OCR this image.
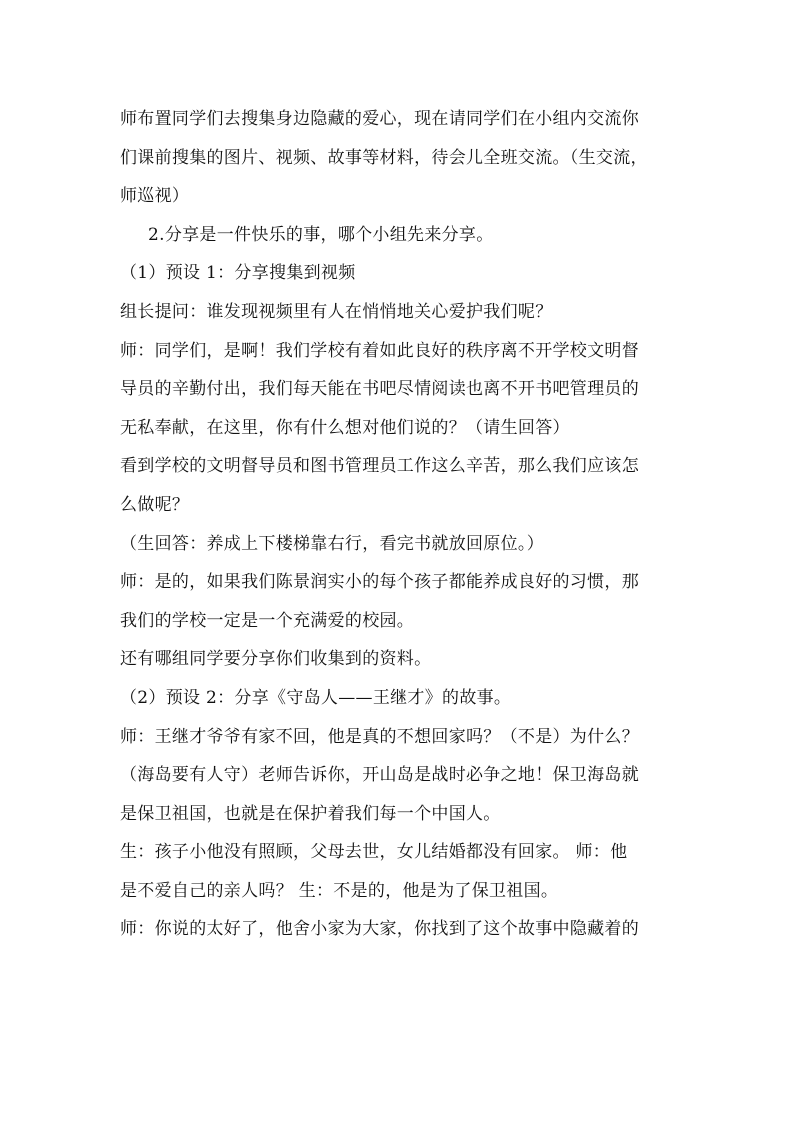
师布置同学们去搜集身边隐藏的爱心，现在请同学们在小组内交流你
们课前搜集的图片、视频、故事等材料，待会儿全班交流。（生交流，
师巡视）
2.分享是一件快乐的事，哪个小组先来分享。
（1）预设 1：分享搜集到视频
组长提问：谁发现视频里有人在悄悄地关心爱护我们呢？
师：同学们，是啊！我们学校有着如此良好的秩序离不开学校文明督
导员的辛勤付出，我们每天能在书吧尽情阅读也离不开书吧管理员的
无私奉献，在这里，你有什么想对他们说的？（请生回答）
看到学校的文明督导员和图书管理员工作这么辛苦，那么我们应该怎
么做呢？
（生回答：养成上下楼梯靠右行，看完书就放回原位。）
师：是的，如果我们陈景润实小的每个孩子都能养成良好的习惯，那
我们的学校一定是一个充满爱的校园。
还有哪组同学要分享你们收集到的资料。
（2）预设 2：分享《守岛人——王继才》的故事。
师：王继才爷爷有家不回，他是真的不想回家吗？（不是）为什么？
（海岛要有人守）老师告诉你，开山岛是战时必争之地！保卫海岛就
是保卫祖国，也就是在保护着我们每一个中国人。
生：孩子小他没有照顾，父母去世，女儿结婚都没有回家。 师：他
是不爱自己的亲人吗？ 生：不是的，他是为了保卫祖国。
师：你说的太好了，他舍小家为大家，你找到了这个故事中隐藏着的
